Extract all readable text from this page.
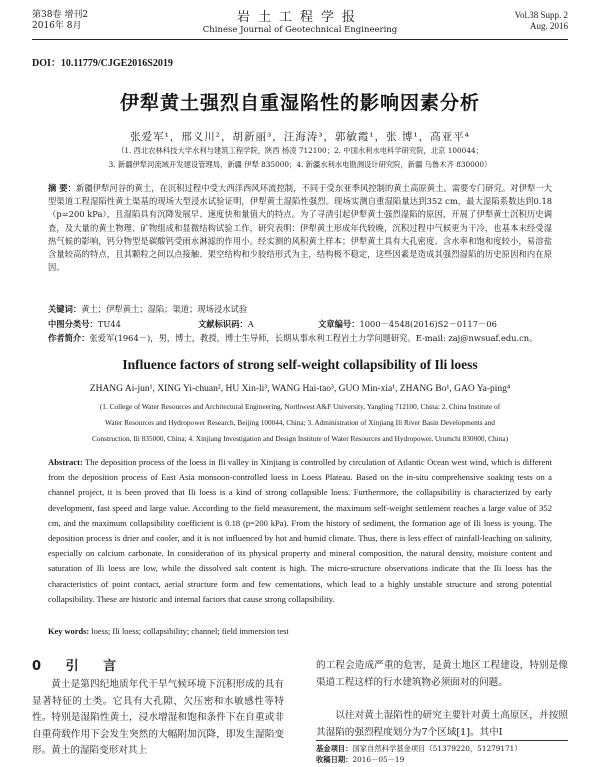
第38卷 增刊2
2016年 8月
岩土工程学报
Chinese Journal of Geotechnical Engineering
Vol.38 Supp. 2
Aug. 2016
DOI：10.11779/CJGE2016S2019
伊犁黄土强烈自重湿陷性的影响因素分析
张爱军¹，邢义川²，胡新丽³，汪海涛³，郭敏霞¹，张 博¹，高亚平⁴
（1. 西北农林科技大学水利与建筑工程学院，陕西 杨凌 712100；2. 中国水利水电科学研究院，北京 100044；
3. 新疆伊犁河流域开发建设管理局，新疆 伊犁 835000；4. 新疆水利水电勘测设计研究院，新疆 乌鲁木齐 830000）
摘 要：新疆伊犁河谷的黄土，在沉积过程中受大西洋西风环流控制，不同于受东亚季风控制的黄土高原黄土。需要专门研究。对伊犁一大型渠道工程湿陷性黄土渠基的现场大型浸水试验证明，伊犁黄土湿陷性强烈。现场实测自重湿陷量达到352 cm，最大湿陷系数达到0.18（p=200 kPa），且湿陷具有沉降发展早、速度快和量值大的特点。为了寻清引起伊犁黄土强烈湿陷的原因，开展了伊犁黄土沉积历史调查，及大量的黄土物理、矿物组成和显微结构试验工作，研究表明：伊犁黄土形成年代较晚，沉积过程中气候更为干冷，也基本未经受湿热气候的影响，钙分物型是碳酸钙受雨水淋滤的作用小。经实测的风积黄土样本；伊犁黄土具有大孔密度、含水率和饱和度较小，易溶盐含量较高的特点，且其颗粒之间以点接触、架空结构和少胶结形式为主，结构极不稳定，这些因素是造成其强烈湿陷的历史原因和内在原因。
关键词：黄土；伊犁黄土；湿陷；渠道；现场浸水试验
中图分类号：TU44	文献标识码：A	文章编号：1000－4548(2016)S2－0117－06
作者简介：张爱军(1964－)，男，博士，教授，博士生导师，长期从事水利工程岩土力学问题研究。E-mail: zaj@nwsuaf.edu.cn。
Influence factors of strong self-weight collapsibility of Ili loess
ZHANG Ai-jun¹, XING Yi-chuan², HU Xin-li³, WANG Hai-tao³, GUO Min-xia¹, ZHANG Bo¹, GAO Ya-ping⁴
(1. College of Water Resources and Architectural Engineering, Northwest A&F University, Yangling 712100, China; 2. China Institute of
Water Resources and Hydropower Research, Beijing 100044, China; 3. Administration of Xinjiang Ili River Basin Developments and
Construction, Ili 835000, China; 4. Xinjiang Investigation and Design Institute of Water Resources and Hydropower, Urumchi 830000, China)
Abstract: The deposition process of the loess in Ili valley in Xinjiang is controlled by circulation of Atlantic Ocean west wind, which is different from the deposition process of East Asia monsoon-controlled loess in Loess Plateau. Based on the in-situ comprehensive soaking tests on a channel project, it is been proved that Ili loess is a kind of strong collapsible loess. Furthermore, the collapsibility is characterized by early development, fast speed and large value. According to the field measurement, the maximum self-weight settlement reaches a large value of 352 cm, and the maximum collapsibility coefficient is 0.18 (p=200 kPa). From the history of sediment, the formation age of Ili loess is young. The deposition process is drier and cooler, and it is not influenced by hot and humid climate. Thus, there is less effect of rainfall-leaching on salinity, especially on calcium carbonate. In consideration of its physical property and mineral composition, the natural density, moisture content and saturation of Ili loess are low, while the dissolved salt content is high. The micro-structure observations indicate that the Ili loess has the characteristics of point contact, aerial structure form and few cementations, which lead to a highly unstable structure and strong potential collapsibility. These are historic and internal factors that cause strong collapsibility.
Key words: loess; Ili loess; collapsibility; channel; field immersion test
0 引 言

黄土是第四纪地质年代干旱气候环境下沉积形成的具有显著特征的土类。它具有大孔隙、欠压密和水敏感性等特性。特别是湿陷性黄土，浸水增湿和饱和条件下在自重或非自重荷载作用下会发生突然的大幅附加沉降，即发生湿陷变形。黄土的湿陷变形对其上

的工程会造成严重的危害，是黄土地区工程建设，特别是像渠道工程这样的行水建筑物必须面对的问题。

以往对黄土湿陷性的研究主要针对黄土高原区，并按照其湿陷的强烈程度划分为7个区域[1]。其中Ⅰ

基金项目：国家自然科学基金项目（51379220，51279171）
收稿日期：2016－05－19
